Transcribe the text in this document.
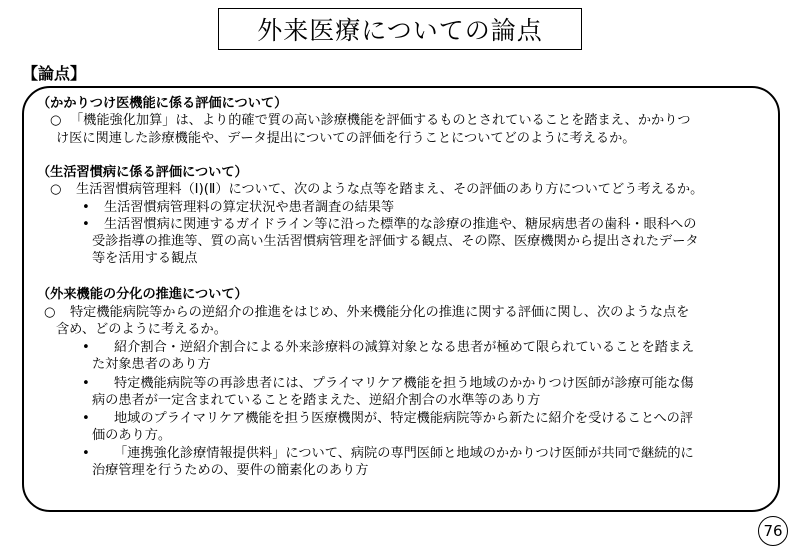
外来医療についての論点
【論点】
（かかりつけ医機能に係る評価について）
○ 「機能強化加算」は、より的確で質の高い診療機能を評価するものとされていることを踏まえ、かかりつ
け医に関連した診療機能や、データ提出についての評価を行うことについてどのように考えるか。
（生活習慣病に係る評価について）
○ 生活習慣病管理料（Ⅰ)(Ⅱ）について、次のような点等を踏まえ、その評価のあり方についてどう考えるか。
• 生活習慣病管理料の算定状況や患者調査の結果等
• 生活習慣病に関連するガイドライン等に沿った標準的な診療の推進や、糖尿病患者の歯科・眼科への
受診指導の推進等、質の高い生活習慣病管理を評価する観点、その際、医療機関から提出されたデータ
等を活用する観点
（外来機能の分化の推進について）
○ 特定機能病院等からの逆紹介の推進をはじめ、外来機能分化の推進に関する評価に関し、次のような点を
含め、どのように考えるか。
• 紹介割合・逆紹介割合による外来診療料の減算対象となる患者が極めて限られていることを踏まえ
た対象患者のあり方
• 特定機能病院等の再診患者には、プライマリケア機能を担う地域のかかりつけ医師が診療可能な傷
病の患者が一定含まれていることを踏まえた、逆紹介割合の水準等のあり方
• 地域のプライマリケア機能を担う医療機関が、特定機能病院等から新たに紹介を受けることへの評
価のあり方。
• 「連携強化診療情報提供料」について、病院の専門医師と地域のかかりつけ医師が共同で継続的に
治療管理を行うための、要件の簡素化のあり方
76
